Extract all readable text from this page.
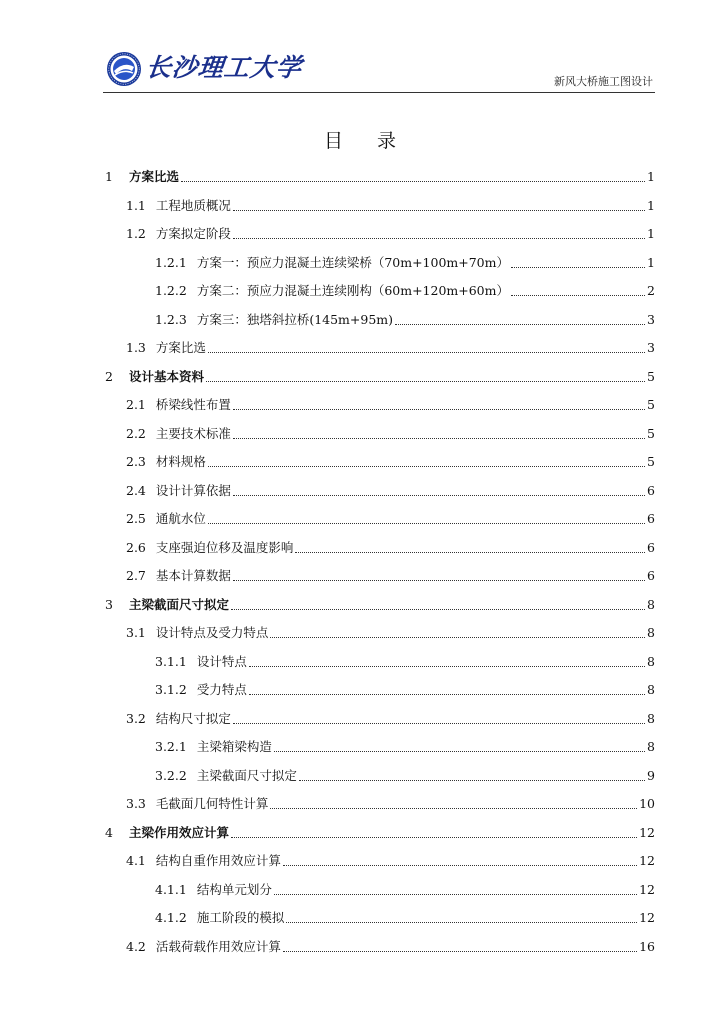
长沙理工大学	新风大桥施工图设计
目 录
1	方案比选	1
1.1 工程地质概况	1
1.2 方案拟定阶段	1
1.2.1 方案一：预应力混凝土连续梁桥（70m+100m+70m）	1
1.2.2 方案二：预应力混凝土连续刚构（60m+120m+60m）	2
1.2.3 方案三：独塔斜拉桥(145m+95m)	3
1.3 方案比选	3
2	设计基本资料	5
2.1 桥梁线性布置	5
2.2 主要技术标准	5
2.3 材料规格	5
2.4 设计计算依据	6
2.5 通航水位	6
2.6 支座强迫位移及温度影响	6
2.7 基本计算数据	6
3	主梁截面尺寸拟定	8
3.1 设计特点及受力特点	8
3.1.1 设计特点	8
3.1.2 受力特点	8
3.2 结构尺寸拟定	8
3.2.1 主梁箱梁构造	8
3.2.2 主梁截面尺寸拟定	9
3.3 毛截面几何特性计算	10
4	主梁作用效应计算	12
4.1 结构自重作用效应计算	12
4.1.1 结构单元划分	12
4.1.2 施工阶段的模拟	12
4.2 活载荷载作用效应计算	16
